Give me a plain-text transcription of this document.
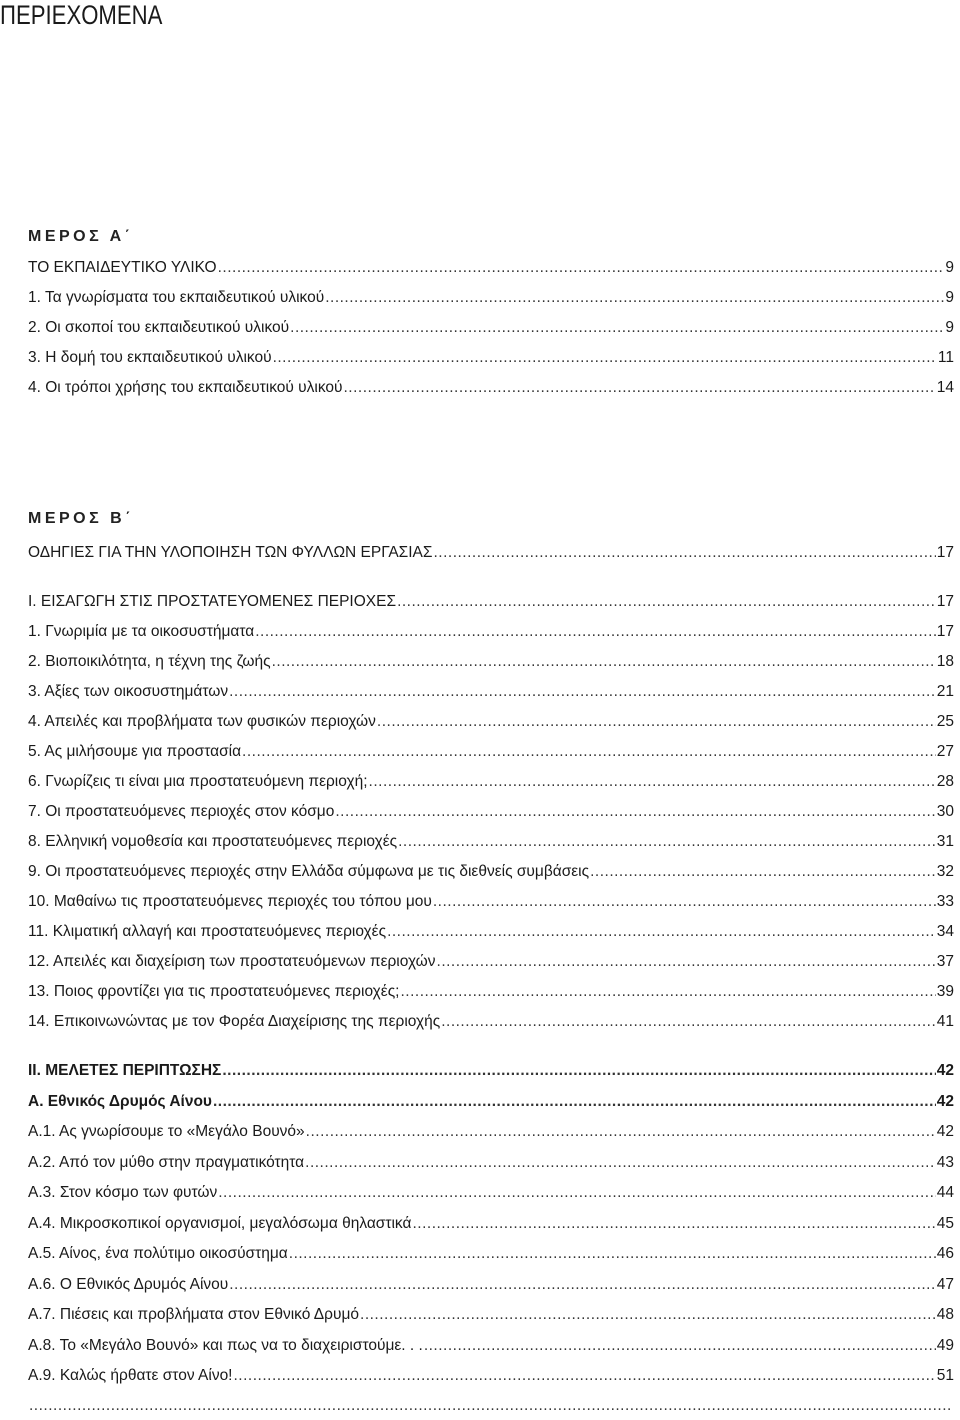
ΠΕΡΙΕΧΟΜΕΝΑ
ΜΕΡΟΣ Α΄
ΤΟ ΕΚΠΑΙΔΕΥΤΙΚΟ ΥΛΙΚΟ .....	9
1. Τα γνωρίσματα του εκπαιδευτικού υλικού .....	9
2. Οι σκοποί του εκπαιδευτικού υλικού .....	9
3. Η δομή του εκπαιδευτικού υλικού .....	11
4. Οι τρόποι χρήσης του εκπαιδευτικού υλικού .....	14
ΜΕΡΟΣ Β΄
ΟΔΗΓΙΕΣ ΓΙΑ ΤΗΝ ΥΛΟΠΟΙΗΣΗ ΤΩΝ ΦΥΛΛΩΝ ΕΡΓΑΣΙΑΣ .....	17
Ι. ΕΙΣΑΓΩΓΗ ΣΤΙΣ ΠΡΟΣΤΑΤΕΥΟΜΕΝΕΣ ΠΕΡΙΟΧΕΣ .....	17
1. Γνωριμία με τα οικοσυστήματα .....	17
2. Βιοποικιλότητα, η τέχνη της ζωής .....	18
3. Αξίες των οικοσυστημάτων .....	21
4. Απειλές και προβλήματα των φυσικών περιοχών .....	25
5. Ας μιλήσουμε για προστασία .....	27
6. Γνωρίζεις τι είναι μια προστατευόμενη περιοχή; .....	28
7. Οι προστατευόμενες περιοχές στον κόσμο .....	30
8. Ελληνική νομοθεσία και προστατευόμενες περιοχές .....	31
9. Οι προστατευόμενες περιοχές στην Ελλάδα σύμφωνα με τις διεθνείς συμβάσεις .....	32
10. Μαθαίνω τις προστατευόμενες περιοχές του τόπου μου .....	33
11. Κλιματική αλλαγή και προστατευόμενες περιοχές .....	34
12. Απειλές και διαχείριση των προστατευόμενων περιοχών .....	37
13. Ποιος φροντίζει για τις προστατευόμενες περιοχές; .....	39
14. Επικοινωνώντας με τον Φορέα Διαχείρισης της περιοχής .....	41
ΙΙ. ΜΕΛΕΤΕΣ ΠΕΡΙΠΤΩΣΗΣ .....	42
Α. Εθνικός Δρυμός Αίνου .....	42
Α.1. Ας γνωρίσουμε το «Μεγάλο Βουνό» .....	42
Α.2. Από τον μύθο στην πραγματικότητα .....	43
Α.3. Στον κόσμο των φυτών .....	44
Α.4. Μικροσκοπικοί οργανισμοί, μεγαλόσωμα θηλαστικά .....	45
Α.5. Αίνος, ένα πολύτιμο οικοσύστημα .....	46
Α.6. Ο Εθνικός Δρυμός Αίνου .....	47
Α.7. Πιέσεις και προβλήματα στον Εθνικό Δρυμό .....	48
Α.8. Το «Μεγάλο Βουνό» και πως να το διαχειριστούμε. . . .....	49
Α.9. Καλώς ήρθατε στον Αίνο! .....	51
.....
